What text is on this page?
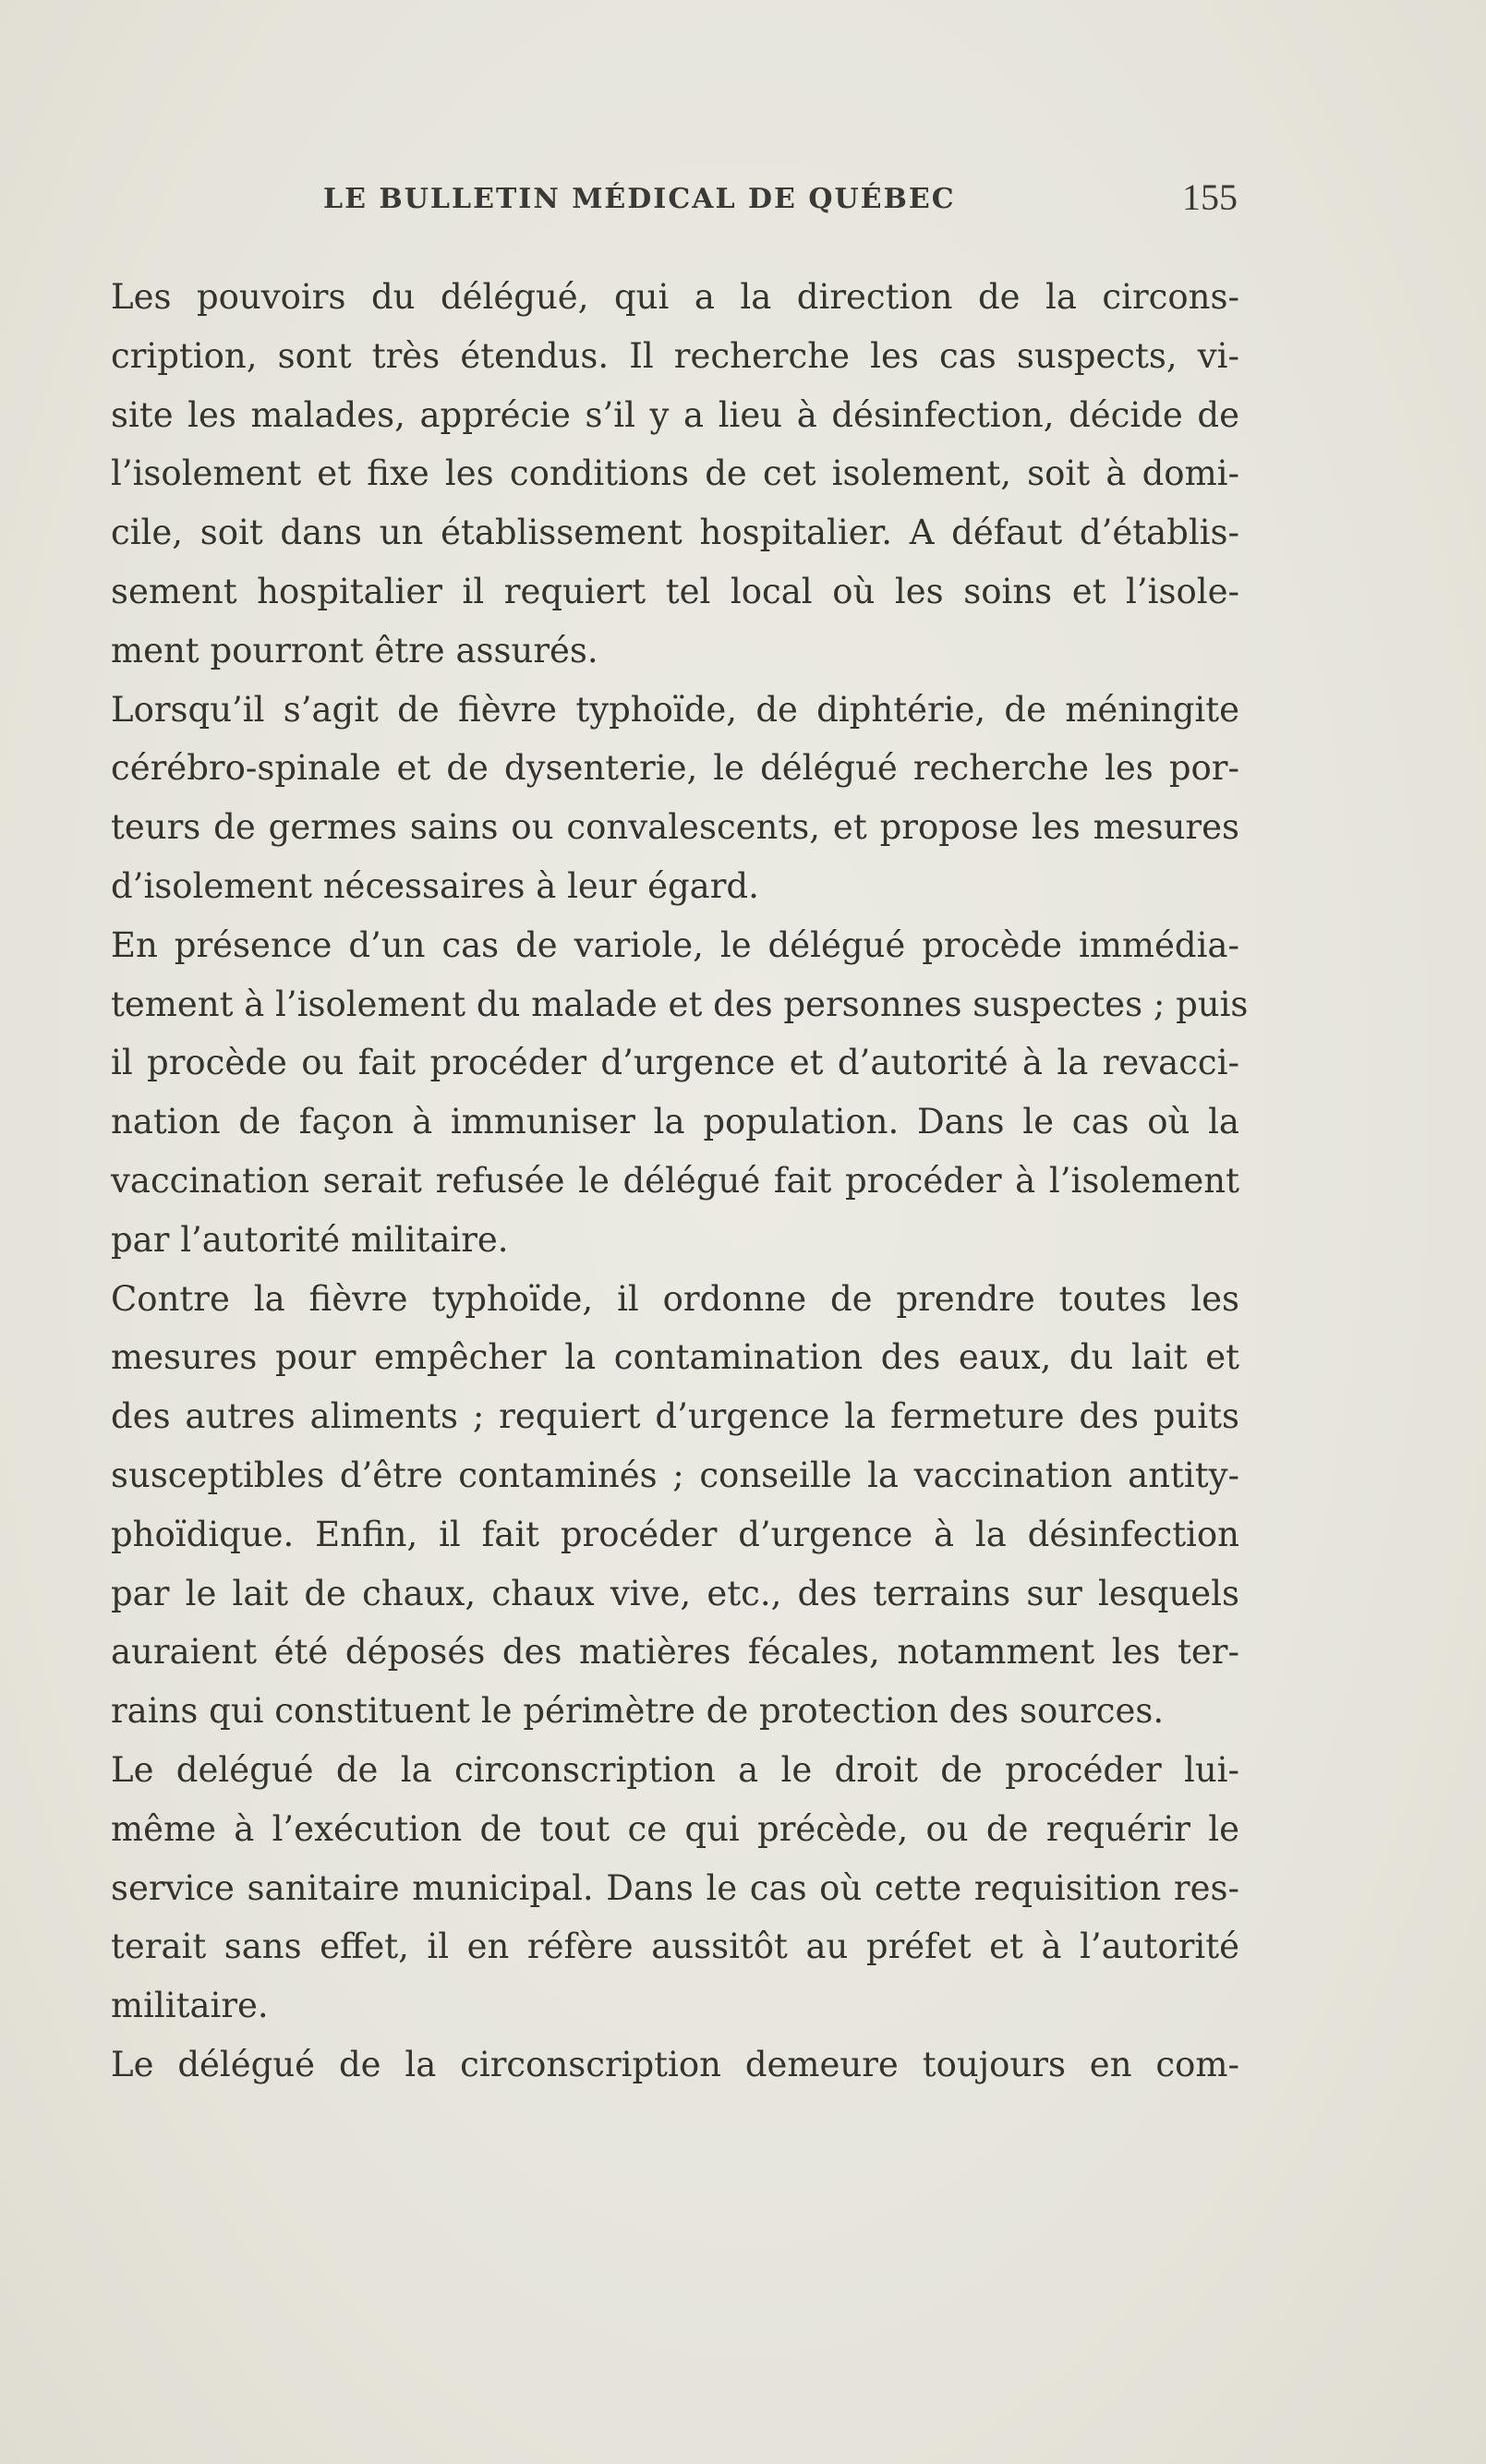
LE BULLETIN MÉDICAL DE QUÉBEC	155
Les pouvoirs du délégué, qui a la direction de la circons-
cription, sont très étendus. Il recherche les cas suspects, vi-
site les malades, apprécie s’il y a lieu à désinfection, décide de
l’isolement et fixe les conditions de cet isolement, soit à domi-
cile, soit dans un établissement hospitalier. A défaut d’établis-
sement hospitalier il requiert tel local où les soins et l’isole-
ment pourront être assurés.
Lorsqu’il s’agit de fièvre typhoïde, de diphtérie, de méningite
cérébro-spinale et de dysenterie, le délégué recherche les por-
teurs de germes sains ou convalescents, et propose les mesures
d’isolement nécessaires à leur égard.
En présence d’un cas de variole, le délégué procède immédia-
tement à l’isolement du malade et des personnes suspectes ; puis
il procède ou fait procéder d’urgence et d’autorité à la revacci-
nation de façon à immuniser la population. Dans le cas où la
vaccination serait refusée le délégué fait procéder à l’isolement
par l’autorité militaire.
Contre la fièvre typhoïde, il ordonne de prendre toutes les
mesures pour empêcher la contamination des eaux, du lait et
des autres aliments ; requiert d’urgence la fermeture des puits
susceptibles d’être contaminés ; conseille la vaccination antity-
phoïdique. Enfin, il fait procéder d’urgence à la désinfection
par le lait de chaux, chaux vive, etc., des terrains sur lesquels
auraient été déposés des matières fécales, notamment les ter-
rains qui constituent le périmètre de protection des sources.
Le delégué de la circonscription a le droit de procéder lui-
même à l’exécution de tout ce qui précède, ou de requérir le
service sanitaire municipal. Dans le cas où cette requisition res-
terait sans effet, il en réfère aussitôt au préfet et à l’autorité
militaire.
Le délégué de la circonscription demeure toujours en com-
